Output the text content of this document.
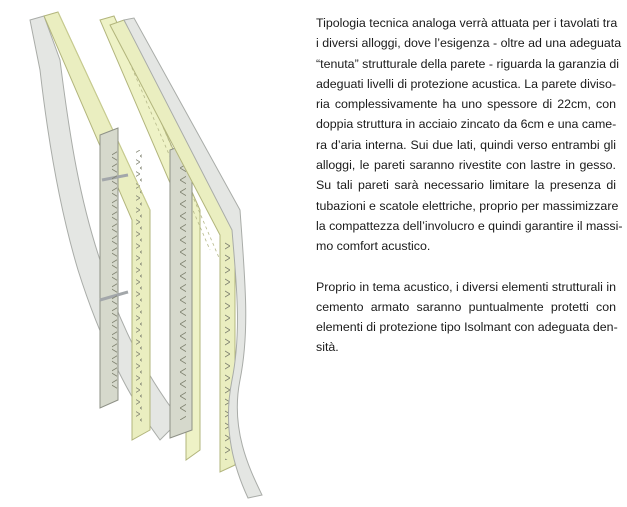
Tipologia tecnica analoga verrà attuata per i tavolati tra
i diversi alloggi, dove l’esigenza - oltre ad una adeguata
“tenuta” strutturale della parete - riguarda la garanzia di
adeguati livelli di protezione acustica. La parete diviso-
ria complessivamente ha uno spessore di 22cm, con
doppia struttura in acciaio zincato da 6cm e una came-
ra d’aria interna. Sui due lati, quindi verso entrambi gli
alloggi, le pareti saranno rivestite con lastre in gesso.
Su tali pareti sarà necessario limitare la presenza di
tubazioni e scatole elettriche, proprio per massimizzare
la compattezza dell’involucro e quindi garantire il massi-
mo comfort acustico.
Proprio in tema acustico, i diversi elementi strutturali in
cemento armato saranno puntualmente protetti con
elementi di protezione tipo Isolmant con adeguata den-
sità.
